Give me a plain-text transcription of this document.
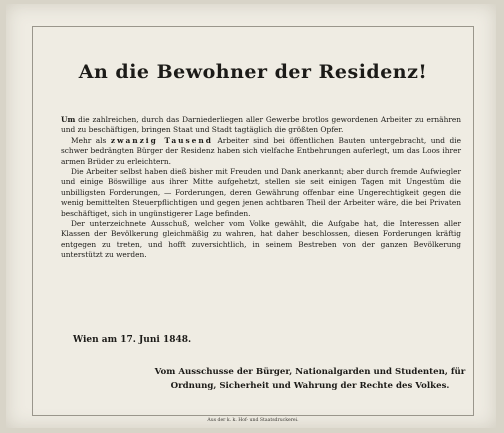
An die Bewohner der Residenz!

Um die zahlreichen, durch das Darniederliegen aller Gewerbe brotlos gewordenen Arbeiter zu ernähren und zu beschäftigen, bringen Staat und Stadt tagtäglich die größten Opfer.

Mehr als zwanzig Tausend Arbeiter sind bei öffentlichen Bauten untergebracht, und die schwer bedrängten Bürger der Residenz haben sich vielfache Entbehrungen auferlegt, um das Loos ihrer armen Brüder zu erleichtern.

Die Arbeiter selbst haben dieß bisher mit Freuden und Dank anerkannt; aber durch fremde Aufwiegler und einige Böswillige aus ihrer Mitte aufgehetzt, stellen sie seit einigen Tagen mit Ungestüm die unbilligsten Forderungen, — Forderungen, deren Gewährung offenbar eine Ungerechtigkeit gegen die wenig bemittelten Steuerpflichtigen und gegen jenen achtbaren Theil der Arbeiter wäre, die bei Privaten beschäftiget, sich in ungünstigerer Lage befinden.

Der unterzeichnete Ausschuß, welcher vom Volke gewählt, die Aufgabe hat, die Interessen aller Klassen der Bevölkerung gleichmäßig zu wahren, hat daher beschlossen, diesen Forderungen kräftig entgegen zu treten, und hofft zuversichtlich, in seinem Bestreben von der ganzen Bevölkerung unterstützt zu werden.

Wien am 17. Juni 1848.
Vom Ausschusse der Bürger, Nationalgarden und Studenten, für
Ordnung, Sicherheit und Wahrung der Rechte des Volkes.
Aus der k. k. Hof- und Staatsdruckerei.
